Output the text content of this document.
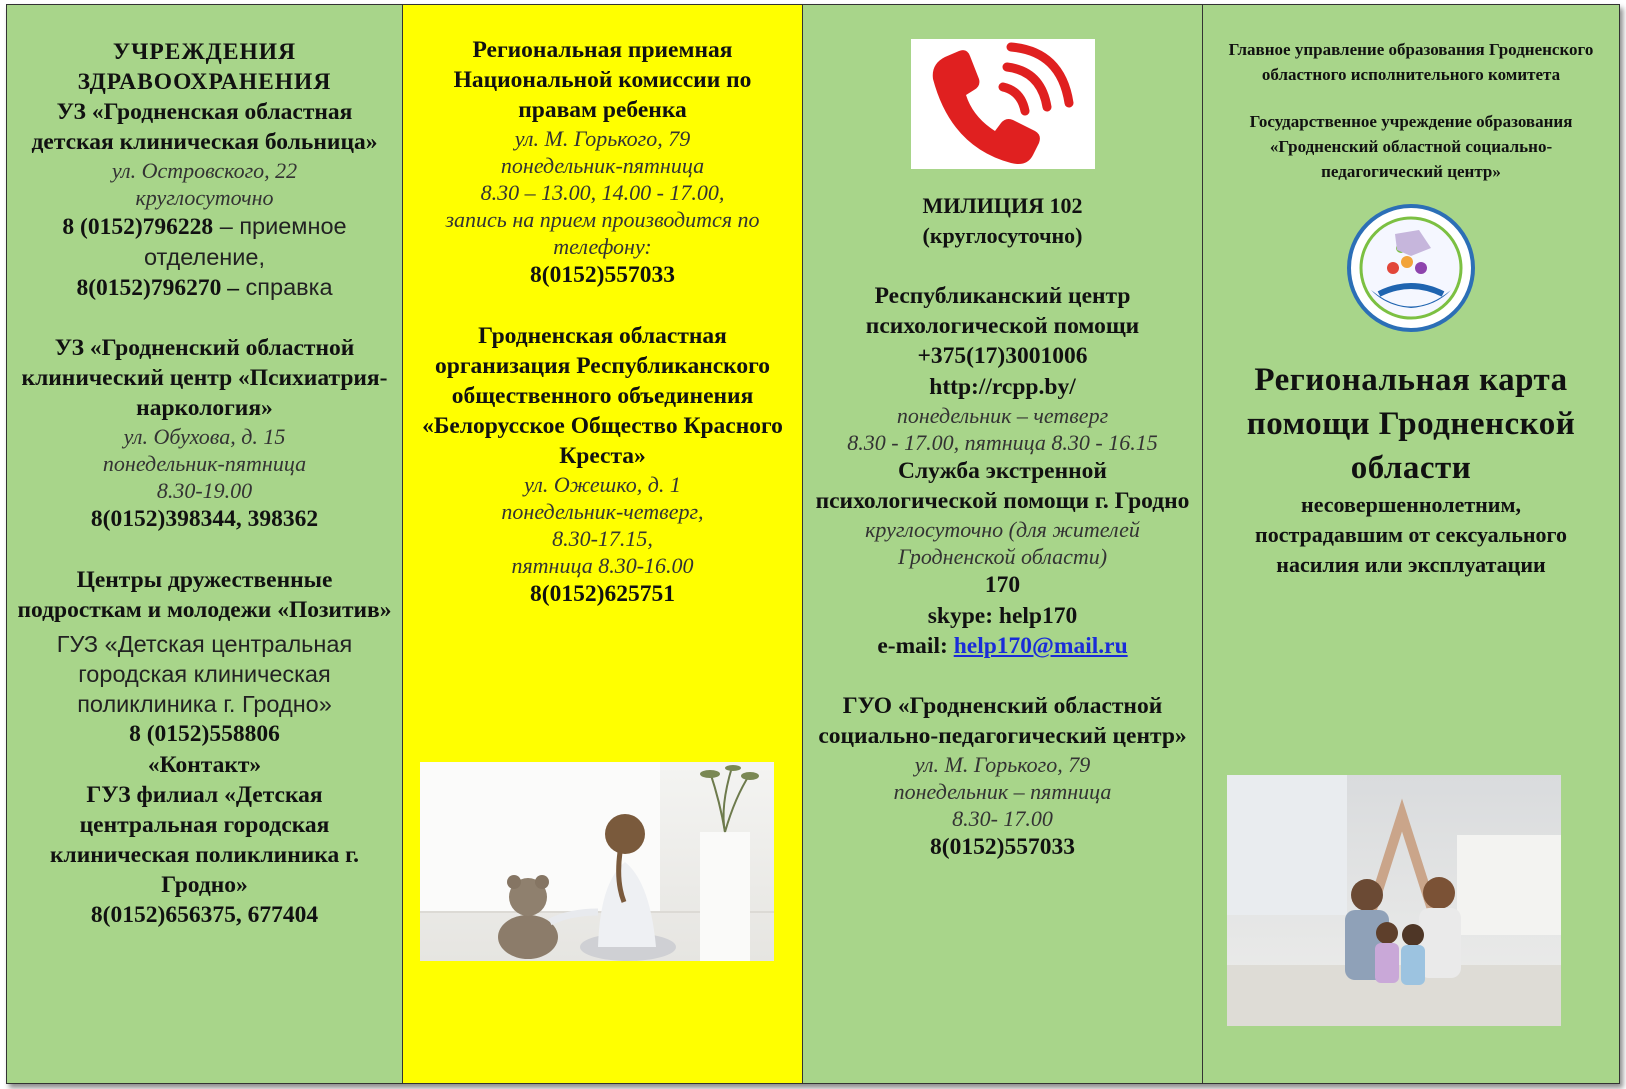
УЧРЕЖДЕНИЯ ЗДРАВООХРАНЕНИЯ
УЗ «Гродненская областная детская клиническая больница»
ул. Островского, 22
круглосуточно
8 (0152)796228 – приемное отделение,
8(0152)796270 – справка
УЗ «Гродненский областной клинический центр «Психиатрия-наркология»
ул. Обухова, д. 15
понедельник-пятница
8.30-19.00
8(0152)398344, 398362
Центры дружественные подросткам и молодежи «Позитив»
ГУЗ «Детская центральная городская клиническая поликлиника г. Гродно»
8 (0152)558806
«Контакт»
ГУЗ филиал «Детская центральная городская клиническая поликлиника г. Гродно»
8(0152)656375, 677404
Региональная приемная Национальной комиссии по правам ребенка
ул. М. Горького, 79
понедельник-пятница
8.30 – 13.00, 14.00 - 17.00,
запись на прием производится по телефону:
8(0152)557033
Гродненская областная организация Республиканского общественного объединения «Белорусское Общество Красного Креста»
ул. Ожешко, д. 1
понедельник-четверг,
8.30-17.15,
пятница 8.30-16.00
8(0152)625751
МИЛИЦИЯ 102
(круглосуточно)
Республиканский центр психологической помощи
+375(17)3001006
http://rcpp.by/
понедельник – четверг
8.30 - 17.00, пятница 8.30 - 16.15
Служба экстренной психологической помощи г. Гродно
круглосуточно (для жителей Гродненской области)
170
skype: help170
e-mail: help170@mail.ru
ГУО «Гродненский областной социально-педагогический центр»
ул. М. Горького, 79
понедельник – пятница
8.30- 17.00
8(0152)557033
Главное управление образования Гродненского областного исполнительного комитета
Государственное учреждение образования «Гродненский областной социально-педагогический центр»
Региональная карта помощи Гродненской области
несовершеннолетним, пострадавшим от сексуального насилия или эксплуатации
